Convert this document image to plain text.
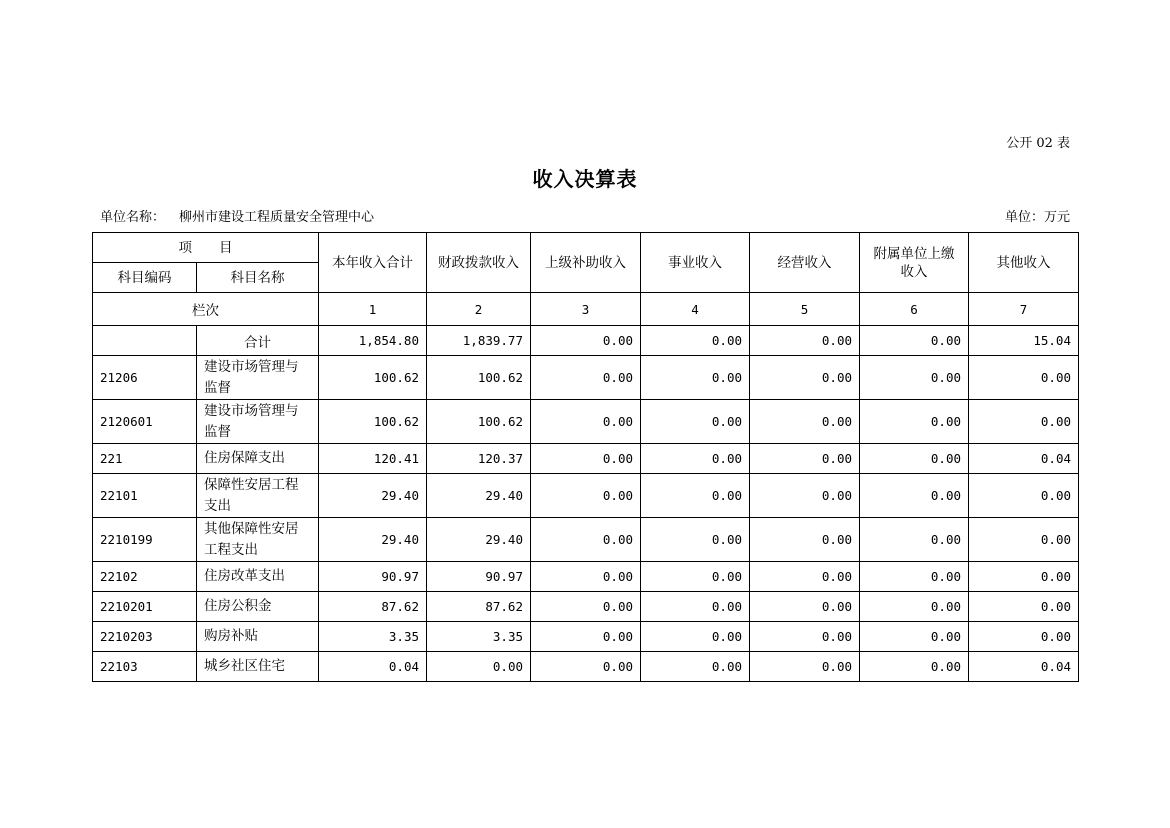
公开 02 表
收入决算表
单位名称： 柳州市建设工程质量安全管理中心	单位：万元
项　　目		本年收入合计	财政拨款收入	上级补助收入	事业收入	经营收入	附属单位上缴收入	其他收入
科目编码	科目名称							
栏次		1	2	3	4	5	6	7
	合计	1,854.80	1,839.77	0.00	0.00	0.00	0.00	15.04
21206	建设市场管理与监督	100.62	100.62	0.00	0.00	0.00	0.00	0.00
2120601	建设市场管理与监督	100.62	100.62	0.00	0.00	0.00	0.00	0.00
221	住房保障支出	120.41	120.37	0.00	0.00	0.00	0.00	0.04
22101	保障性安居工程支出	29.40	29.40	0.00	0.00	0.00	0.00	0.00
2210199	其他保障性安居工程支出	29.40	29.40	0.00	0.00	0.00	0.00	0.00
22102	住房改革支出	90.97	90.97	0.00	0.00	0.00	0.00	0.00
2210201	住房公积金	87.62	87.62	0.00	0.00	0.00	0.00	0.00
2210203	购房补贴	3.35	3.35	0.00	0.00	0.00	0.00	0.00
22103	城乡社区住宅	0.04	0.00	0.00	0.00	0.00	0.00	0.04
